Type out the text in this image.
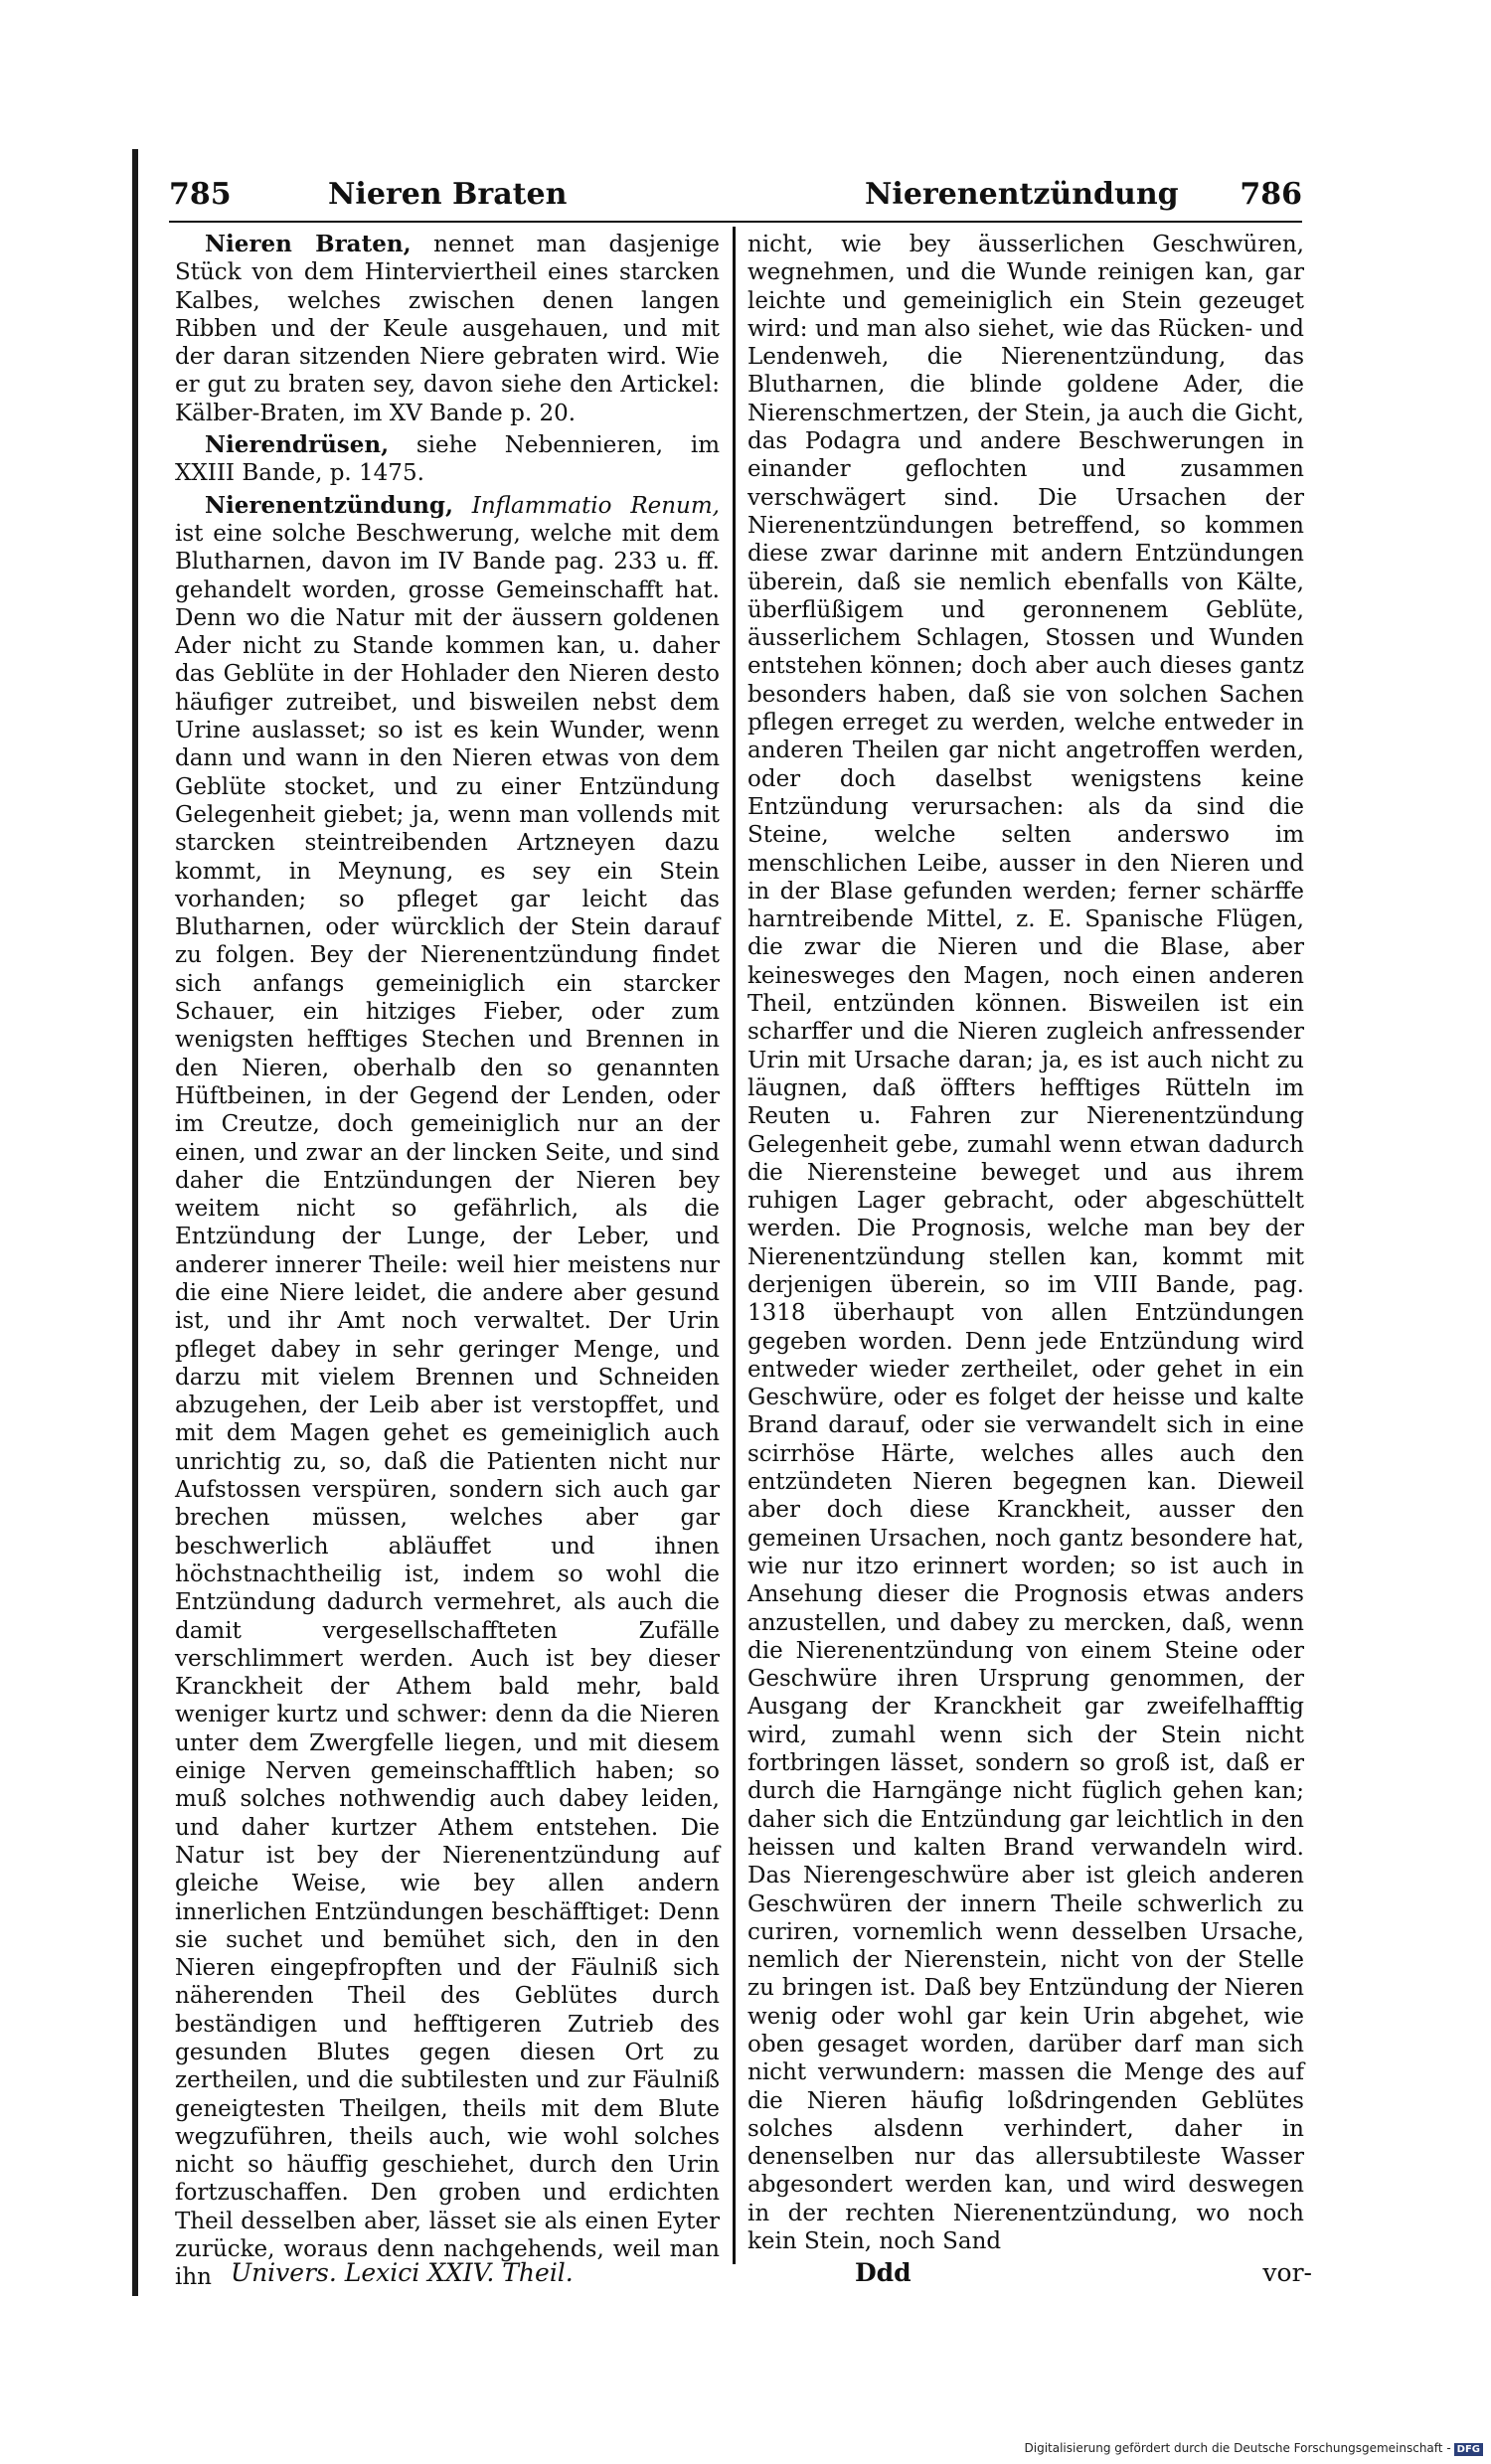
785	Nieren Braten	Nierenentzündung 786

Nieren Braten, nennet man dasjenige Stück von dem Hinterviertheil eines starcken Kalbes, welches zwischen denen langen Ribben und der Keule ausgehauen, und mit der daran sitzenden Niere gebraten wird. Wie er gut zu braten sey, davon siehe den Artickel: Kälber-Braten, im XV Bande p. 20.

Nierendrüsen, siehe Nebennieren, im XXIII Bande, p. 1475.

Nierenentzündung, Inflammatio Renum, ist eine solche Beschwerung, welche mit dem Blutharnen, davon im IV Bande pag. 233 u. ff. gehandelt worden, grosse Gemeinschafft hat. Denn wo die Natur mit der äussern goldenen Ader nicht zu Stande kommen kan, u. daher das Geblüte in der Hohlader den Nieren desto häufiger zutreibet, und bisweilen nebst dem Urine auslasset; so ist es kein Wunder, wenn dann und wann in den Nieren etwas von dem Geblüte stocket, und zu einer Entzündung Gelegenheit giebet; ja, wenn man vollends mit starcken steintreibenden Artzneyen dazu kommt, in Meynung, es sey ein Stein vorhanden; so pfleget gar leicht das Blutharnen, oder würcklich der Stein darauf zu folgen. Bey der Nierenentzündung findet sich anfangs gemeiniglich ein starcker Schauer, ein hitziges Fieber, oder zum wenigsten hefftiges Stechen und Brennen in den Nieren, oberhalb den so genannten Hüftbeinen, in der Gegend der Lenden, oder im Creutze, doch gemeiniglich nur an der einen, und zwar an der lincken Seite, und sind daher die Entzündungen der Nieren bey weitem nicht so gefährlich, als die Entzündung der Lunge, der Leber, und anderer innerer Theile: weil hier meistens nur die eine Niere leidet, die andere aber gesund ist, und ihr Amt noch verwaltet. Der Urin pfleget dabey in sehr geringer Menge, und darzu mit vielem Brennen und Schneiden abzugehen, der Leib aber ist verstopffet, und mit dem Magen gehet es gemeiniglich auch unrichtig zu, so, daß die Patienten nicht nur Aufstossen verspüren, sondern sich auch gar brechen müssen, welches aber gar beschwerlich abläuffet und ihnen höchstnachtheilig ist, indem so wohl die Entzündung dadurch vermehret, als auch die damit vergesellschaffteten Zufälle verschlimmert werden. Auch ist bey dieser Kranckheit der Athem bald mehr, bald weniger kurtz und schwer: denn da die Nieren unter dem Zwergfelle liegen, und mit diesem einige Nerven gemeinschafftlich haben; so muß solches nothwendig auch dabey leiden, und daher kurtzer Athem entstehen. Die Natur ist bey der Nierenentzündung auf gleiche Weise, wie bey allen andern innerlichen Entzündungen beschäfftiget: Denn sie suchet und bemühet sich, den in den Nieren eingepfropften und der Fäulniß sich näherenden Theil des Geblütes durch beständigen und hefftigeren Zutrieb des gesunden Blutes gegen diesen Ort zu zertheilen, und die subtilesten und zur Fäulniß geneigtesten Theilgen, theils mit dem Blute wegzuführen, theils auch, wie wohl solches nicht so häuffig geschiehet, durch den Urin fortzuschaffen. Den groben und erdichten Theil desselben aber, lässet sie als einen Eyter zurücke, woraus denn nachgehends, weil man ihn

nicht, wie bey äusserlichen Geschwüren, wegnehmen, und die Wunde reinigen kan, gar leichte und gemeiniglich ein Stein gezeuget wird: und man also siehet, wie das Rücken- und Lendenweh, die Nierenentzündung, das Blutharnen, die blinde goldene Ader, die Nierenschmertzen, der Stein, ja auch die Gicht, das Podagra und andere Beschwerungen in einander geflochten und zusammen verschwägert sind. Die Ursachen der Nierenentzündungen betreffend, so kommen diese zwar darinne mit andern Entzündungen überein, daß sie nemlich ebenfalls von Kälte, überflüßigem und geronnenem Geblüte, äusserlichem Schlagen, Stossen und Wunden entstehen können; doch aber auch dieses gantz besonders haben, daß sie von solchen Sachen pflegen erreget zu werden, welche entweder in anderen Theilen gar nicht angetroffen werden, oder doch daselbst wenigstens keine Entzündung verursachen: als da sind die Steine, welche selten anderswo im menschlichen Leibe, ausser in den Nieren und in der Blase gefunden werden; ferner schärffe harntreibende Mittel, z. E. Spanische Flügen, die zwar die Nieren und die Blase, aber keinesweges den Magen, noch einen anderen Theil, entzünden können. Bisweilen ist ein scharffer und die Nieren zugleich anfressender Urin mit Ursache daran; ja, es ist auch nicht zu läugnen, daß öffters hefftiges Rütteln im Reuten u. Fahren zur Nierenentzündung Gelegenheit gebe, zumahl wenn etwan dadurch die Nierensteine beweget und aus ihrem ruhigen Lager gebracht, oder abgeschüttelt werden. Die Prognosis, welche man bey der Nierenentzündung stellen kan, kommt mit derjenigen überein, so im VIII Bande, pag. 1318 überhaupt von allen Entzündungen gegeben worden. Denn jede Entzündung wird entweder wieder zertheilet, oder gehet in ein Geschwüre, oder es folget der heisse und kalte Brand darauf, oder sie verwandelt sich in eine scirrhöse Härte, welches alles auch den entzündeten Nieren begegnen kan. Dieweil aber doch diese Kranckheit, ausser den gemeinen Ursachen, noch gantz besondere hat, wie nur itzo erinnert worden; so ist auch in Ansehung dieser die Prognosis etwas anders anzustellen, und dabey zu mercken, daß, wenn die Nierenentzündung von einem Steine oder Geschwüre ihren Ursprung genommen, der Ausgang der Kranckheit gar zweifelhafftig wird, zumahl wenn sich der Stein nicht fortbringen lässet, sondern so groß ist, daß er durch die Harngänge nicht füglich gehen kan; daher sich die Entzündung gar leichtlich in den heissen und kalten Brand verwandeln wird. Das Nierengeschwüre aber ist gleich anderen Geschwüren der innern Theile schwerlich zu curiren, vornemlich wenn desselben Ursache, nemlich der Nierenstein, nicht von der Stelle zu bringen ist. Daß bey Entzündung der Nieren wenig oder wohl gar kein Urin abgehet, wie oben gesaget worden, darüber darf man sich nicht verwundern: massen die Menge des auf die Nieren häufig loßdringenden Geblütes solches alsdenn verhindert, daher in denenselben nur das allersubtileste Wasser abgesondert werden kan, und wird deswegen in der rechten Nierenentzündung, wo noch kein Stein, noch Sand

Univers. Lexici XXIV. Theil.	Ddd	vor-
Digitalisierung gefördert durch die Deutsche Forschungsgemeinschaft - DFG
